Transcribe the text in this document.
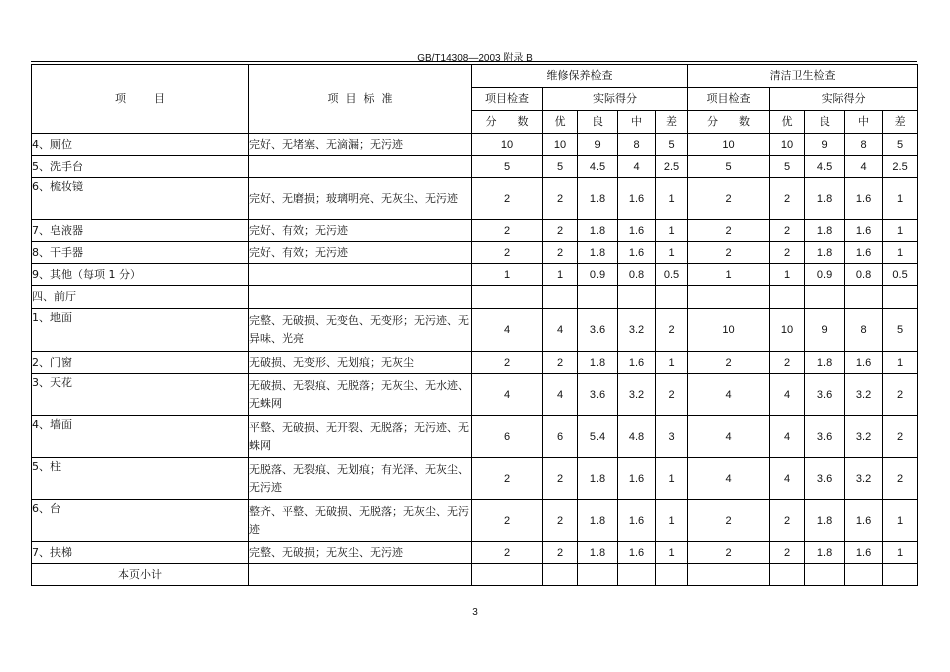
GB/T14308—2003 附录 B
项        目	项  目  标  准	维修保养检查					清洁卫生检查				
		项目检查	实际得分				项目检查	实际得分			
		分      数	优	良	中	差	分      数	优	良	中	差
4、厕位	完好、无堵塞、无滴漏；无污迹	10	10	9	8	5	10	10	9	8	5
5、洗手台		5	5	4.5	4	2.5	5	5	4.5	4	2.5
6、梳妆镜	完好、无磨损；玻璃明亮、无灰尘、无污迹	2	2	1.8	1.6	1	2	2	1.8	1.6	1
7、皂液器	完好、有效；无污迹	2	2	1.8	1.6	1	2	2	1.8	1.6	1
8、干手器	完好、有效；无污迹	2	2	1.8	1.6	1	2	2	1.8	1.6	1
9、其他（每项 1 分）		1	1	0.9	0.8	0.5	1	1	0.9	0.8	0.5
四、前厅											
1、地面	完整、无破损、无变色、无变形；无污迹、无异味、光亮	4	4	3.6	3.2	2	10	10	9	8	5
2、门窗	无破损、无变形、无划痕；无灰尘	2	2	1.8	1.6	1	2	2	1.8	1.6	1
3、天花	无破损、无裂痕、无脱落；无灰尘、无水迹、无蛛网	4	4	3.6	3.2	2	4	4	3.6	3.2	2
4、墙面	平整、无破损、无开裂、无脱落；无污迹、无蛛网	6	6	5.4	4.8	3	4	4	3.6	3.2	2
5、柱	无脱落、无裂痕、无划痕；有光泽、无灰尘、无污迹	2	2	1.8	1.6	1	4	4	3.6	3.2	2
6、台	整齐、平整、无破损、无脱落；无灰尘、无污迹	2	2	1.8	1.6	1	2	2	1.8	1.6	1
7、扶梯	完整、无破损；无灰尘、无污迹	2	2	1.8	1.6	1	2	2	1.8	1.6	1
本页小计											
3
